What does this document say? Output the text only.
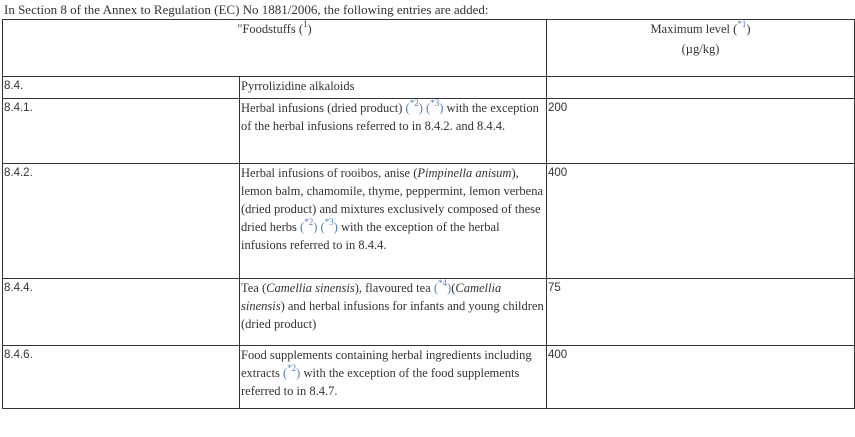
In Section 8 of the Annex to Regulation (EC) No 1881/2006, the following entries are added:
"Foodstuffs ($^1$)		Maximum level ($^{*1}$)
(µg/kg)

8.4.	Pyrrolizidine alkaloids	
8.4.1.	Herbal infusions (dried product) ($^{*2}$) ($^{*3}$) with the exception of the herbal infusions referred to in 8.4.2. and 8.4.4.	200
8.4.2.	Herbal infusions of rooibos, anise (Pimpinella anisum), lemon balm, chamomile, thyme, peppermint, lemon verbena (dried product) and mixtures exclusively composed of these dried herbs ($^{*2}$) ($^{*3}$) with the exception of the herbal infusions referred to in 8.4.4.	400
8.4.4.	Tea (Camellia sinensis), flavoured tea ($^{*4}$)(Camellia sinensis) and herbal infusions for infants and young children (dried product)	75
8.4.6.	Food supplements containing herbal ingredients including extracts ($^{*2}$) with the exception of the food supplements referred to in 8.4.7.	400
